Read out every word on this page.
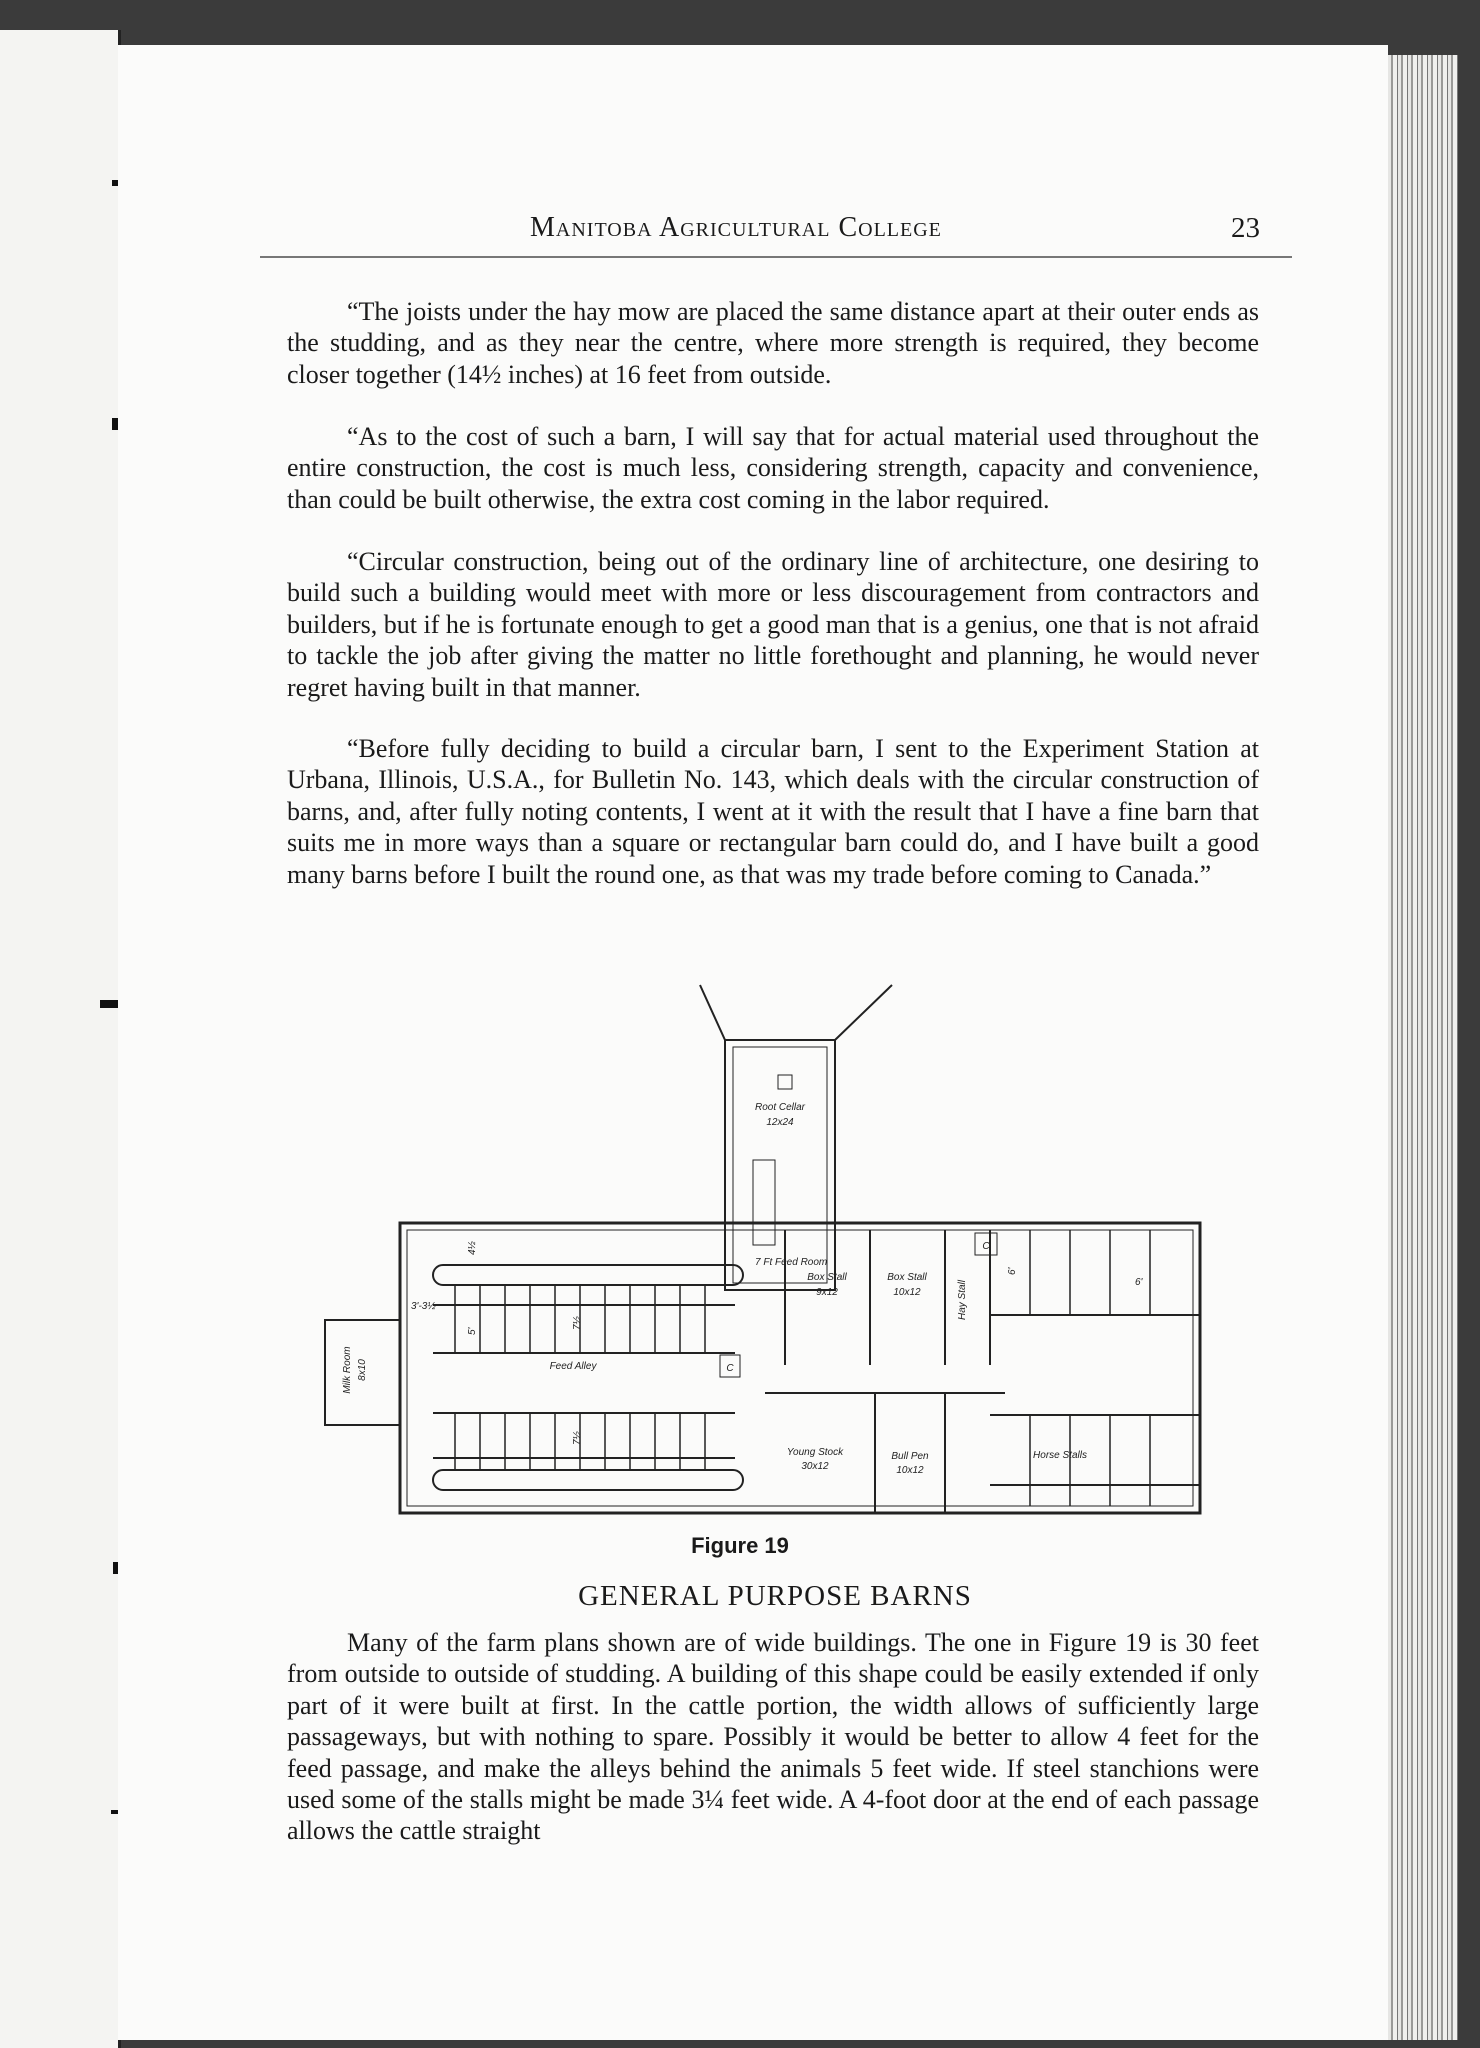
Manitoba Agricultural College	23

“The joists under the hay mow are placed the same distance apart at their outer ends as the studding, and as they near the centre, where more strength is required, they become closer together (14½ inches) at 16 feet from outside.

“As to the cost of such a barn, I will say that for actual material used throughout the entire construction, the cost is much less, considering strength, capacity and convenience, than could be built otherwise, the extra cost coming in the labor required.

“Circular construction, being out of the ordinary line of architecture, one desiring to build such a building would meet with more or less discouragement from contractors and builders, but if he is fortunate enough to get a good man that is a genius, one that is not afraid to tackle the job after giving the matter no little forethought and planning, he would never regret having built in that manner.

“Before fully deciding to build a circular barn, I sent to the Experiment Station at Urbana, Illinois, U.S.A., for Bulletin No. 143, which deals with the circular construction of barns, and, after fully noting contents, I went at it with the result that I have a fine barn that suits me in more ways than a square or rectangular barn could do, and I have built a good many barns before I built the round one, as that was my trade before coming to Canada.”

Root Cellar
12x24
7 Ft Feed Room
Box Stall
9x12
Box Stall
10x12	Hay Stall
Milk Room 8x10	Feed Alley
Young Stock
30x12
Bull Pen
10x12
Horse Stalls
C
C
5'
7½
7½
4½
6'
6'
3'-3½
Figure 19
GENERAL PURPOSE BARNS

Many of the farm plans shown are of wide buildings. The one in Figure 19 is 30 feet from outside to outside of studding. A building of this shape could be easily extended if only part of it were built at first. In the cattle portion, the width allows of sufficiently large passageways, but with nothing to spare. Possibly it would be better to allow 4 feet for the feed passage, and make the alleys behind the animals 5 feet wide. If steel stanchions were used some of the stalls might be made 3¼ feet wide. A 4-foot door at the end of each passage allows the cattle straight
